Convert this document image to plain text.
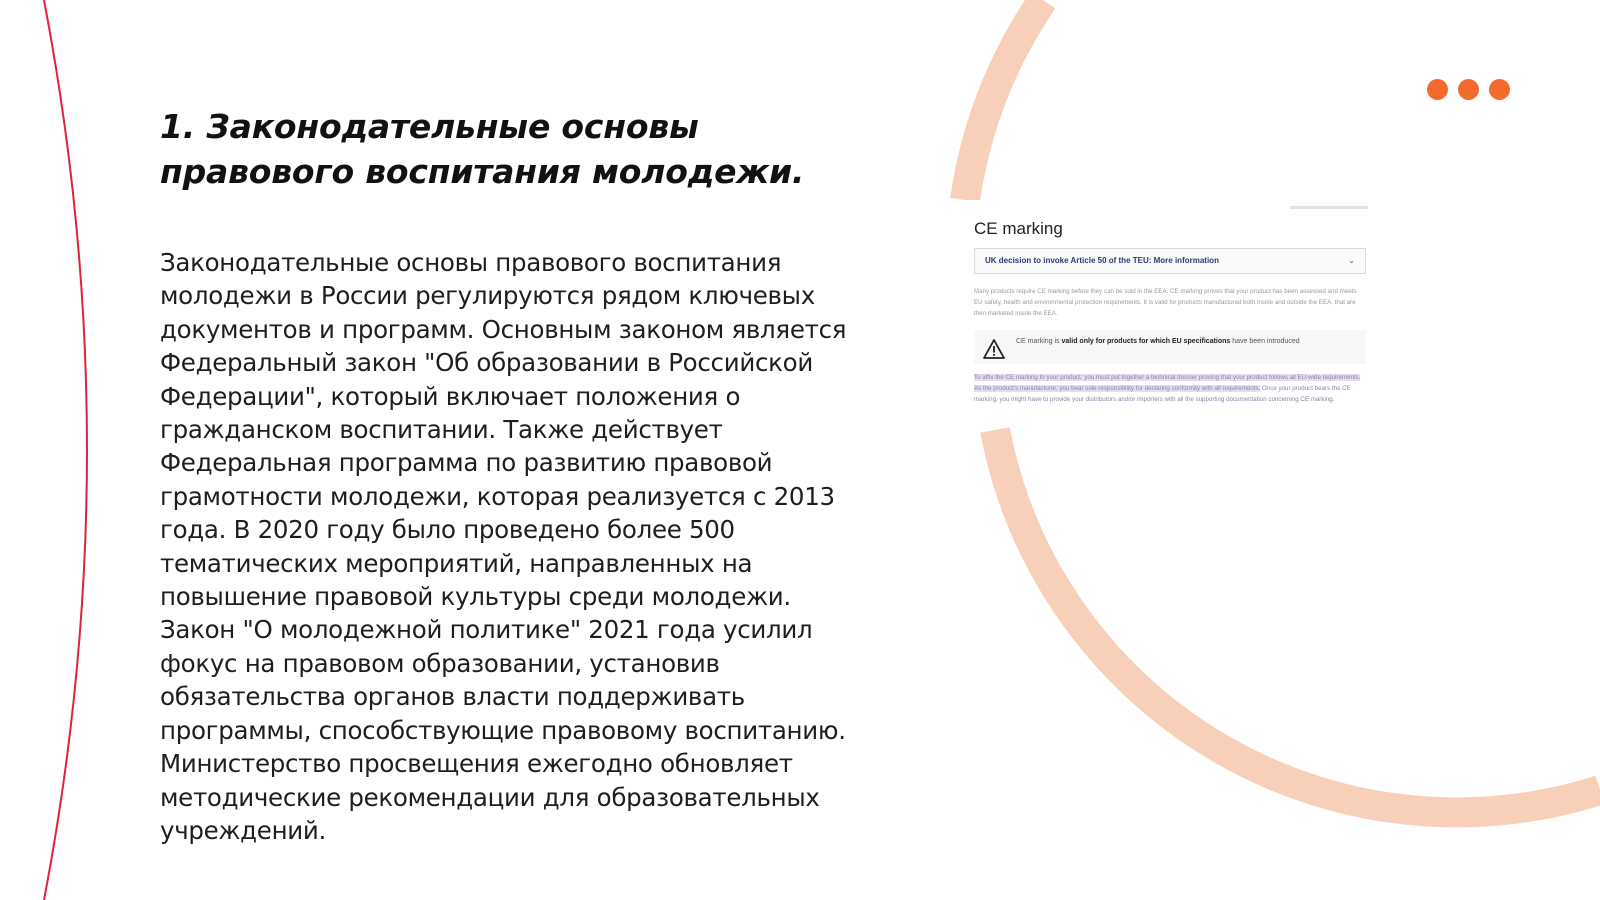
1. Законодательные основы
правового воспитания молодежи.

Законодательные основы правового воспитания молодежи в России регулируются рядом ключевых документов и программ. Основным законом является Федеральный закон "Об образовании в Российской Федерации", который включает положения о гражданском воспитании. Также действует Федеральная программа по развитию правовой грамотности молодежи, которая реализуется с 2013 года. В 2020 году было проведено более 500 тематических мероприятий, направленных на повышение правовой культуры среди молодежи. Закон "О молодежной политике" 2021 года усилил фокус на правовом образовании, установив обязательства органов власти поддерживать программы, способствующие правовому воспитанию. Министерство просвещения ежегодно обновляет методические рекомендации для образовательных учреждений.

CE marking
UK decision to invoke Article 50 of the TEU: More information	⌄
Many products require CE marking before they can be sold in the EEA. CE marking proves that your product has been assessed and meets EU safety, health and environmental protection requirements. It is valid for products manufactured both inside and outside the EEA, that are then marketed inside the EEA.
CE marking is valid only for products for which EU specifications have been introduced
To affix the CE marking to your product, you must put together a technical dossier proving that your product follows all EU-wide requirements. As the product's manufacturer, you bear sole responsibility for declaring conformity with all requirements. Once your product bears the CE marking, you might have to provide your distributors and/or importers with all the supporting documentation concerning CE marking.
